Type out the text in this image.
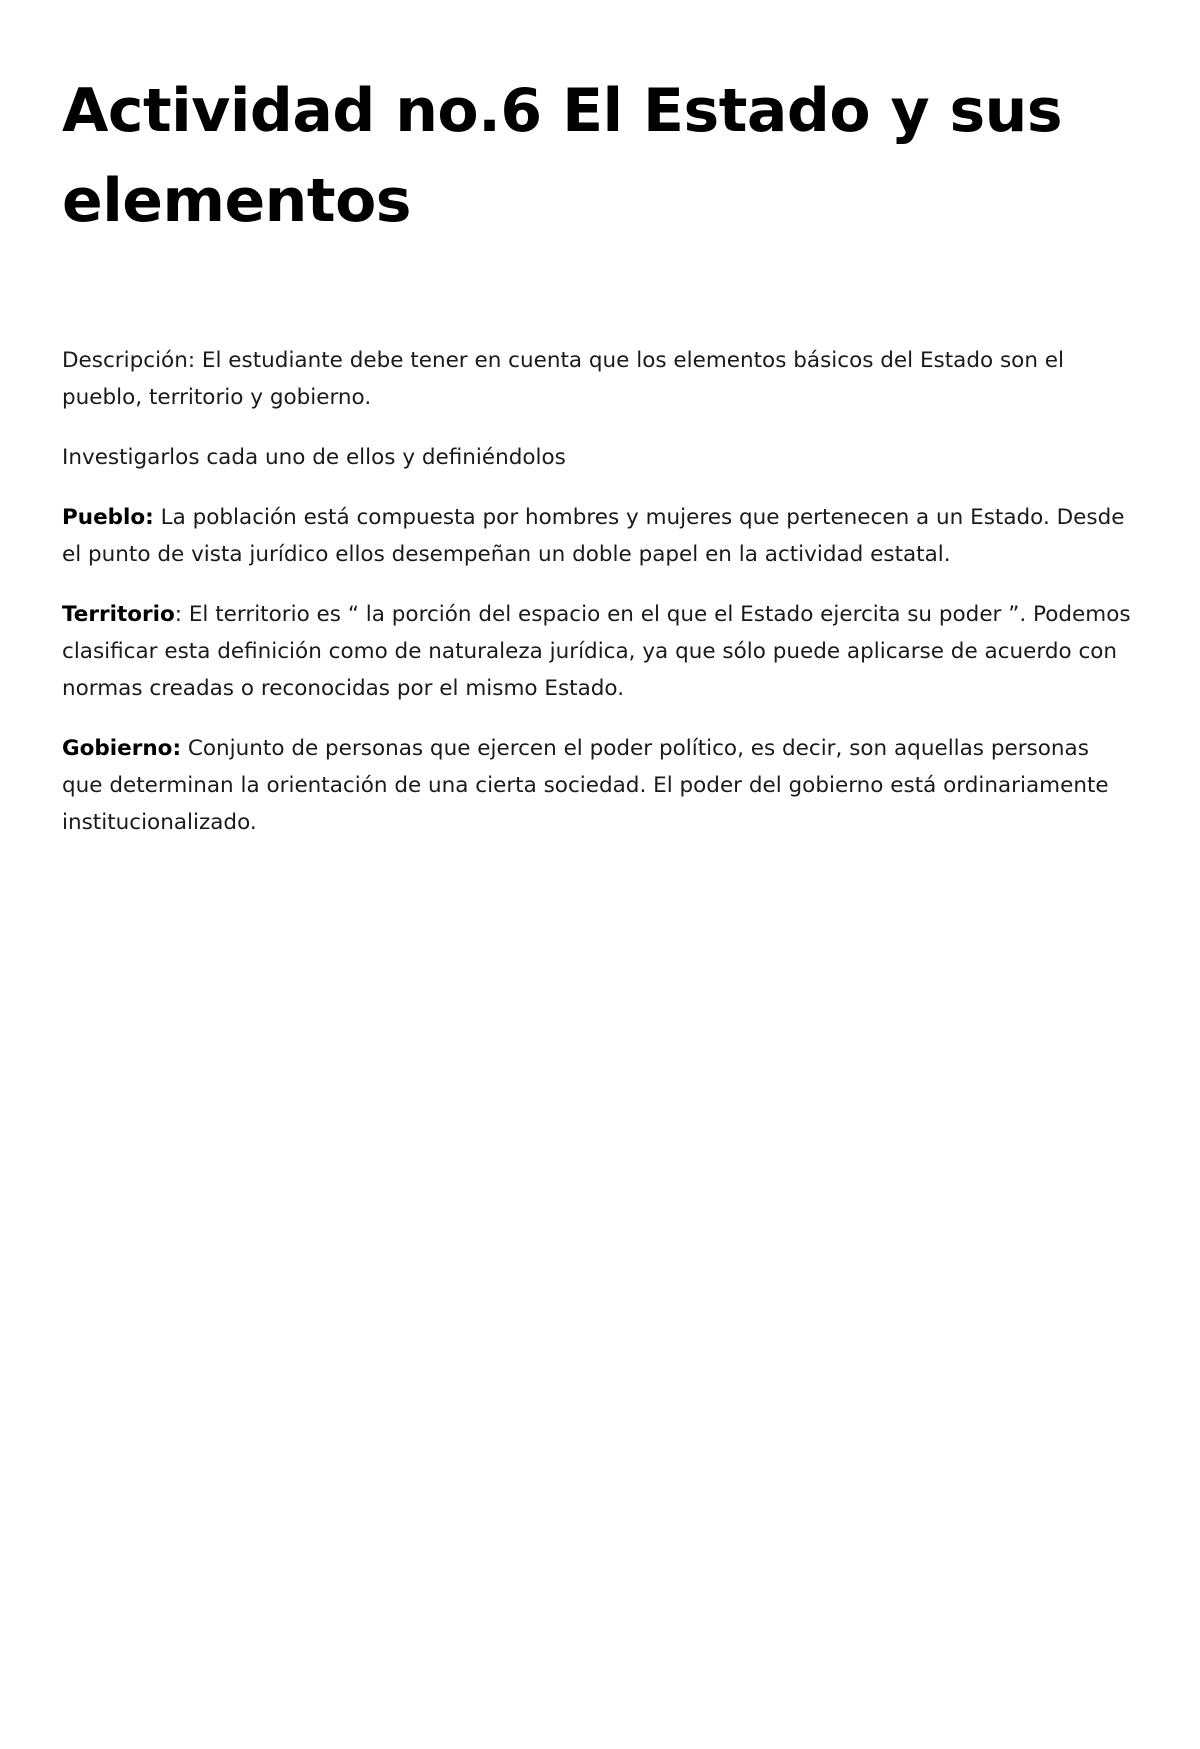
Actividad no.6 El Estado y sus elementos

Descripción: El estudiante debe tener en cuenta que los elementos básicos del Estado son el pueblo, territorio y gobierno.

Investigarlos cada uno de ellos y definiéndolos

Pueblo: La población está compuesta por hombres y mujeres que pertenecen a un Estado. Desde el punto de vista jurídico ellos desempeñan un doble papel en la actividad estatal.

Territorio: El territorio es “ la porción del espacio en el que el Estado ejercita su poder ”. Podemos clasificar esta definición como de naturaleza jurídica, ya que sólo puede aplicarse de acuerdo con normas creadas o reconocidas por el mismo Estado.

Gobierno: Conjunto de personas que ejercen el poder político, es decir, son aquellas personas que determinan la orientación de una cierta sociedad. El poder del gobierno está ordinariamente institucionalizado.
